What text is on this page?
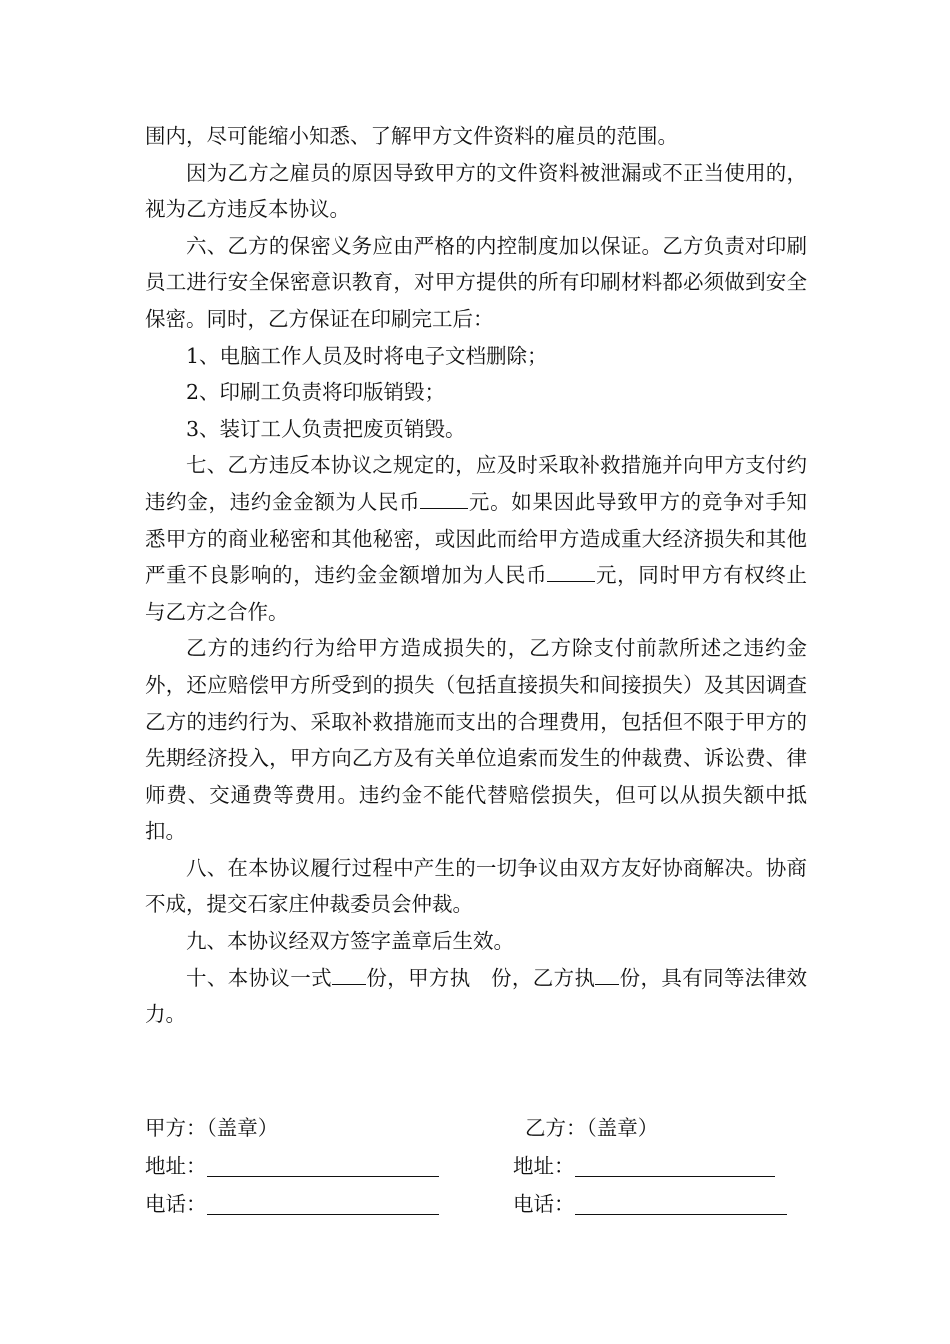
围内，尽可能缩小知悉、了解甲方文件资料的雇员的范围。

因为乙方之雇员的原因导致甲方的文件资料被泄漏或不正当使用的，视为乙方违反本协议。

六、乙方的保密义务应由严格的内控制度加以保证。乙方负责对印刷员工进行安全保密意识教育，对甲方提供的所有印刷材料都必须做到安全保密。同时，乙方保证在印刷完工后：

1、电脑工作人员及时将电子文档删除；

2、印刷工负责将印版销毁；

3、装订工人负责把废页销毁。

七、乙方违反本协议之规定的，应及时采取补救措施并向甲方支付约违约金，违约金金额为人民币 元。如果因此导致甲方的竞争对手知悉甲方的商业秘密和其他秘密，或因此而给甲方造成重大经济损失和其他严重不良影响的，违约金金额增加为人民币 元，同时甲方有权终止与乙方之合作。

乙方的违约行为给甲方造成损失的，乙方除支付前款所述之违约金外，还应赔偿甲方所受到的损失（包括直接损失和间接损失）及其因调查乙方的违约行为、采取补救措施而支出的合理费用，包括但不限于甲方的先期经济投入，甲方向乙方及有关单位追索而发生的仲裁费、诉讼费、律师费、交通费等费用。违约金不能代替赔偿损失，但可以从损失额中抵扣。

八、在本协议履行过程中产生的一切争议由双方友好协商解决。协商不成，提交石家庄仲裁委员会仲裁。

九、本协议经双方签字盖章后生效。

十、本协议一式 份，甲方执 份，乙方执 份，具有同等法律效力。

甲方：（盖章）	乙方：（盖章）
地址：	地址：
电话：	电话：
